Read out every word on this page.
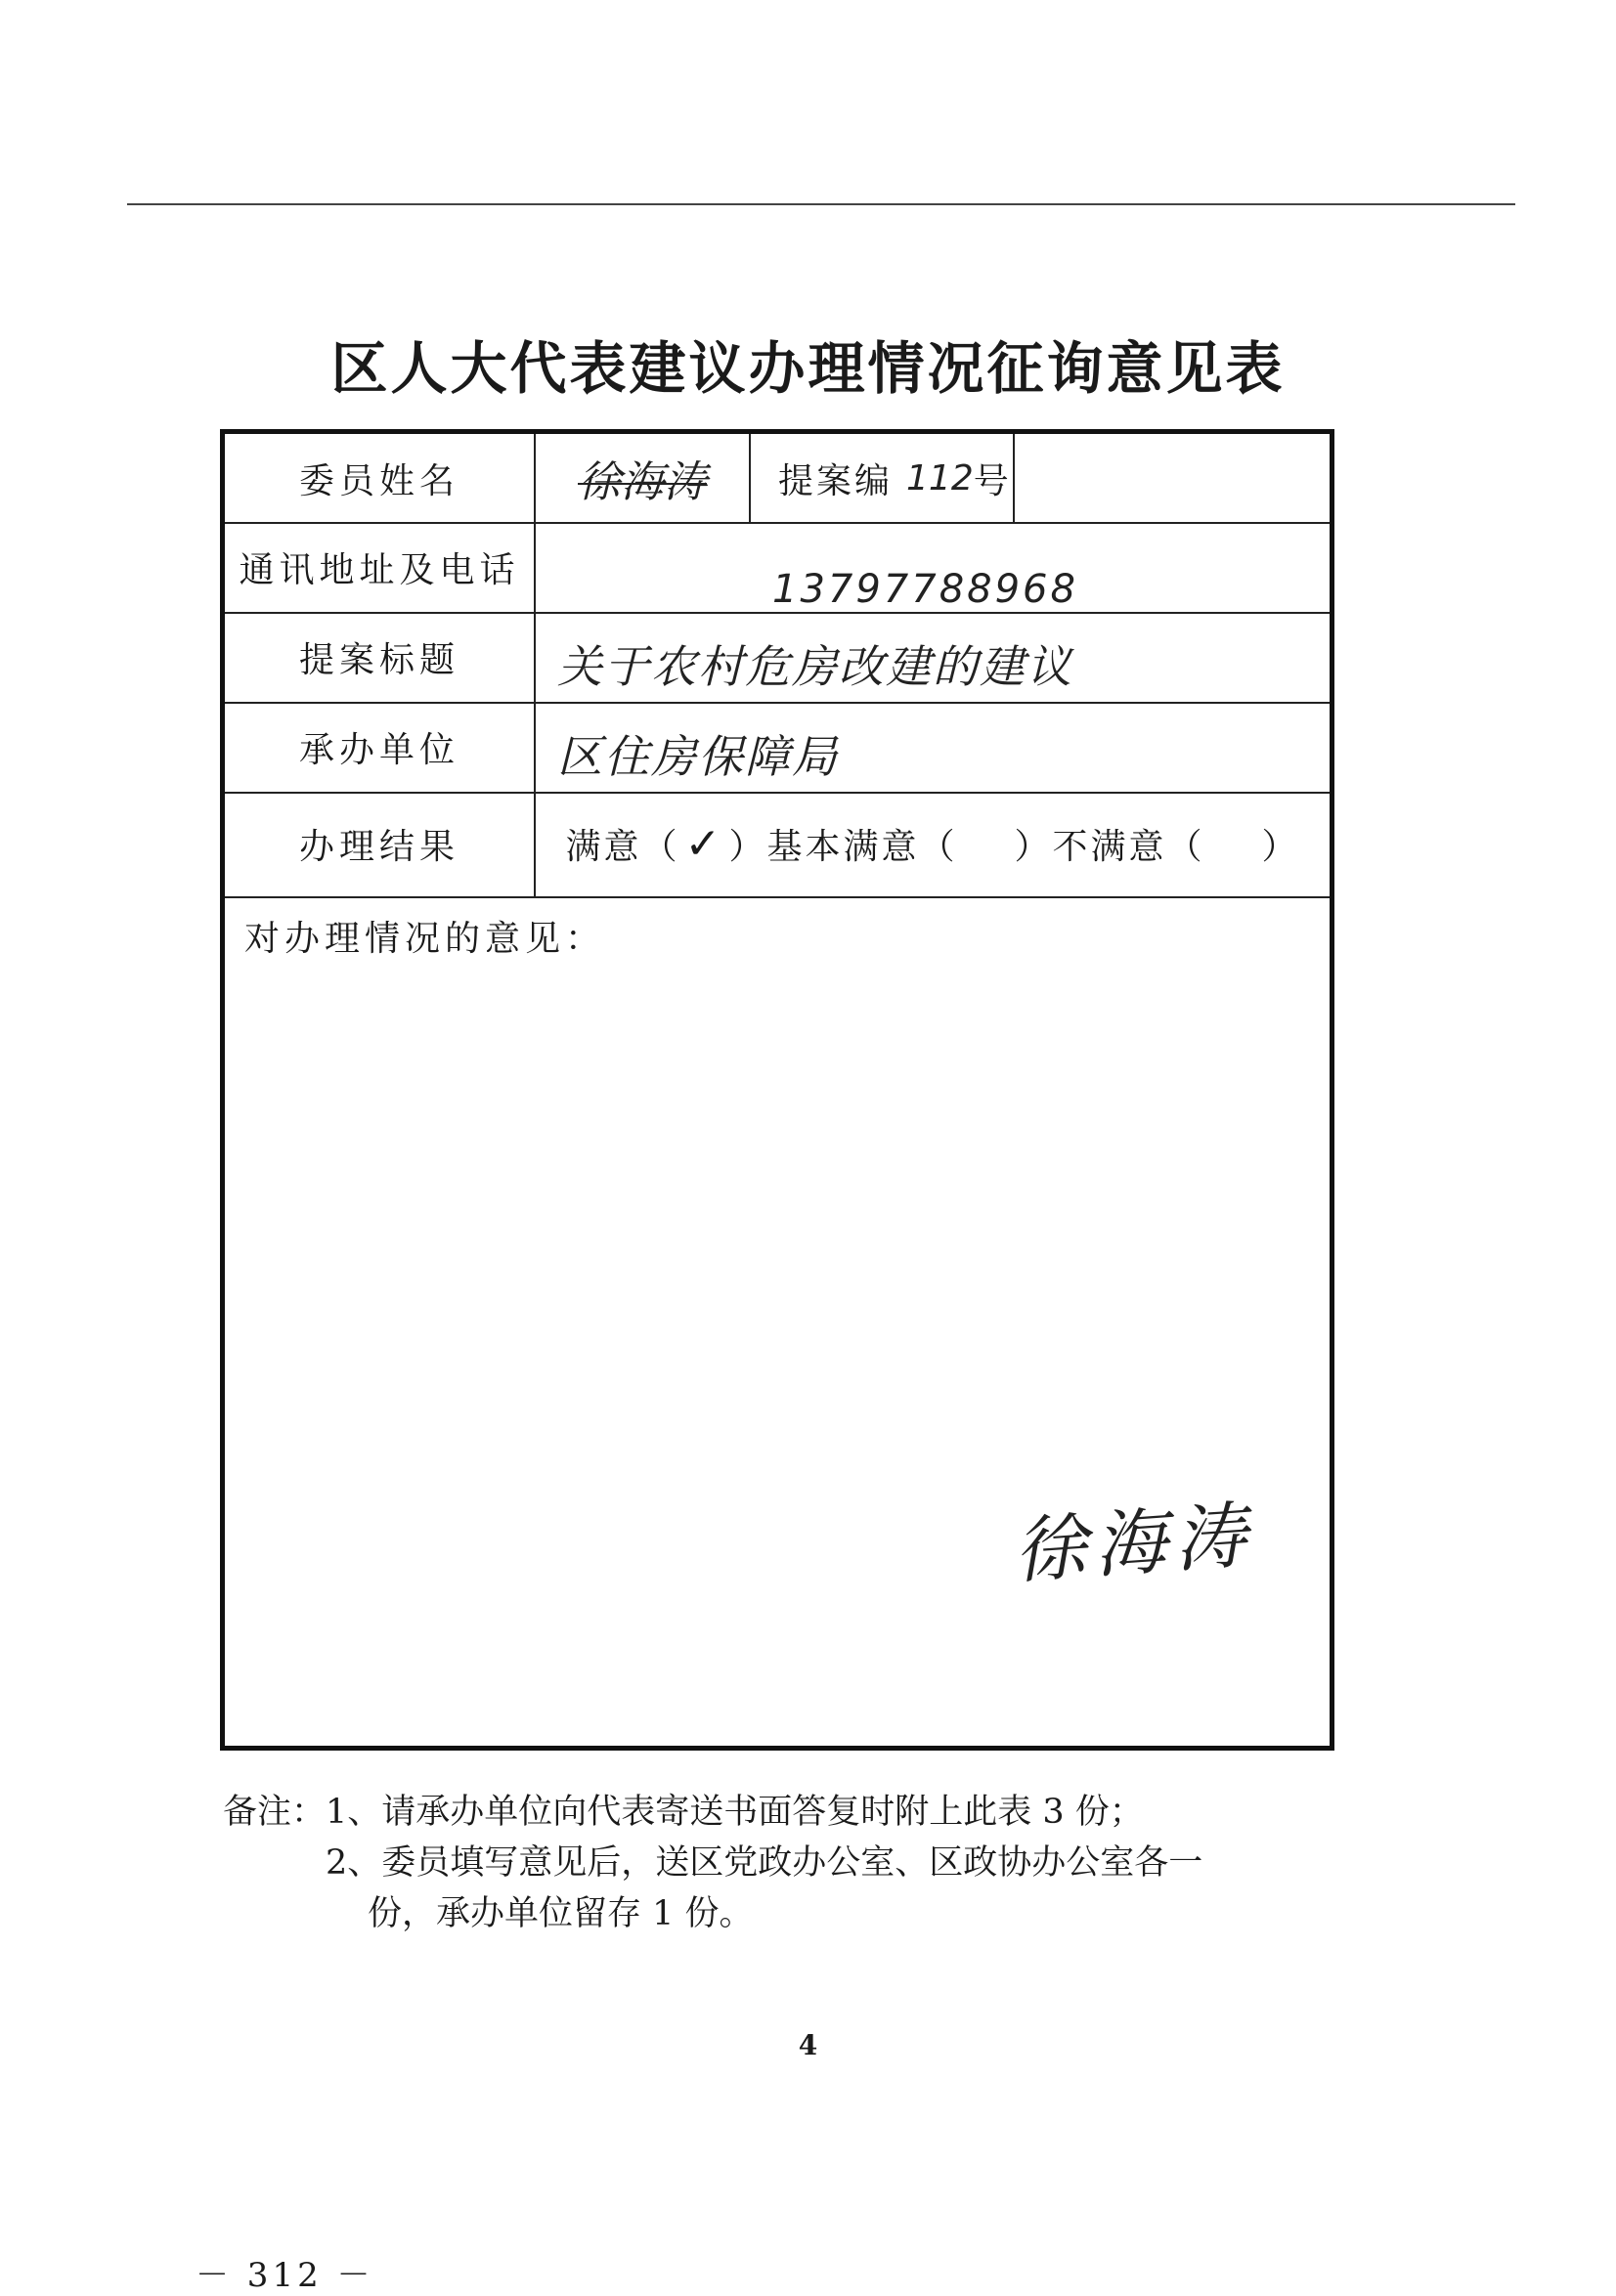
区人大代表建议办理情况征询意见表
委员姓名	徐海涛 提案编 112 号
通讯地址及电话	13797788968
提案标题	关于农村危房改建的建议
承办单位	区住房保障局
办理结果	满意（ ✓ ）基本满意（ ）不满意（ ）
对办理情况的意见：
徐海涛
备注：1、请承办单位向代表寄送书面答复时附上此表 3 份；
2、委员填写意见后，送区党政办公室、区政协办公室各一
份，承办单位留存 1 份。
4
－ 312 －
